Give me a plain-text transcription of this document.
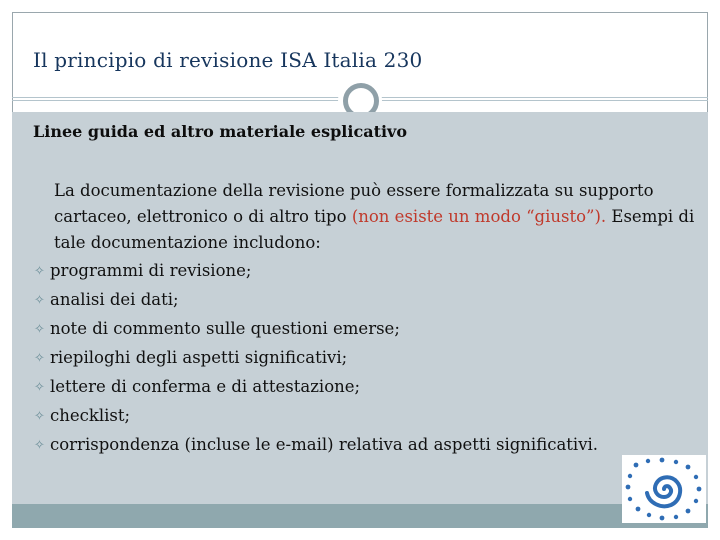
Il principio di revisione ISA Italia 230
Linee guida ed altro materiale esplicativo
La documentazione della revisione può essere formalizzata su supporto cartaceo, elettronico o di altro tipo (non esiste un modo “giusto”). Esempi di tale documentazione includono:
✧ programmi di revisione;
✧ analisi dei dati;
✧ note di commento sulle questioni emerse;
✧ riepiloghi degli aspetti significativi;
✧ lettere di conferma e di attestazione;
✧ checklist;
✧ corrispondenza (incluse le e-mail) relativa ad aspetti significativi.
